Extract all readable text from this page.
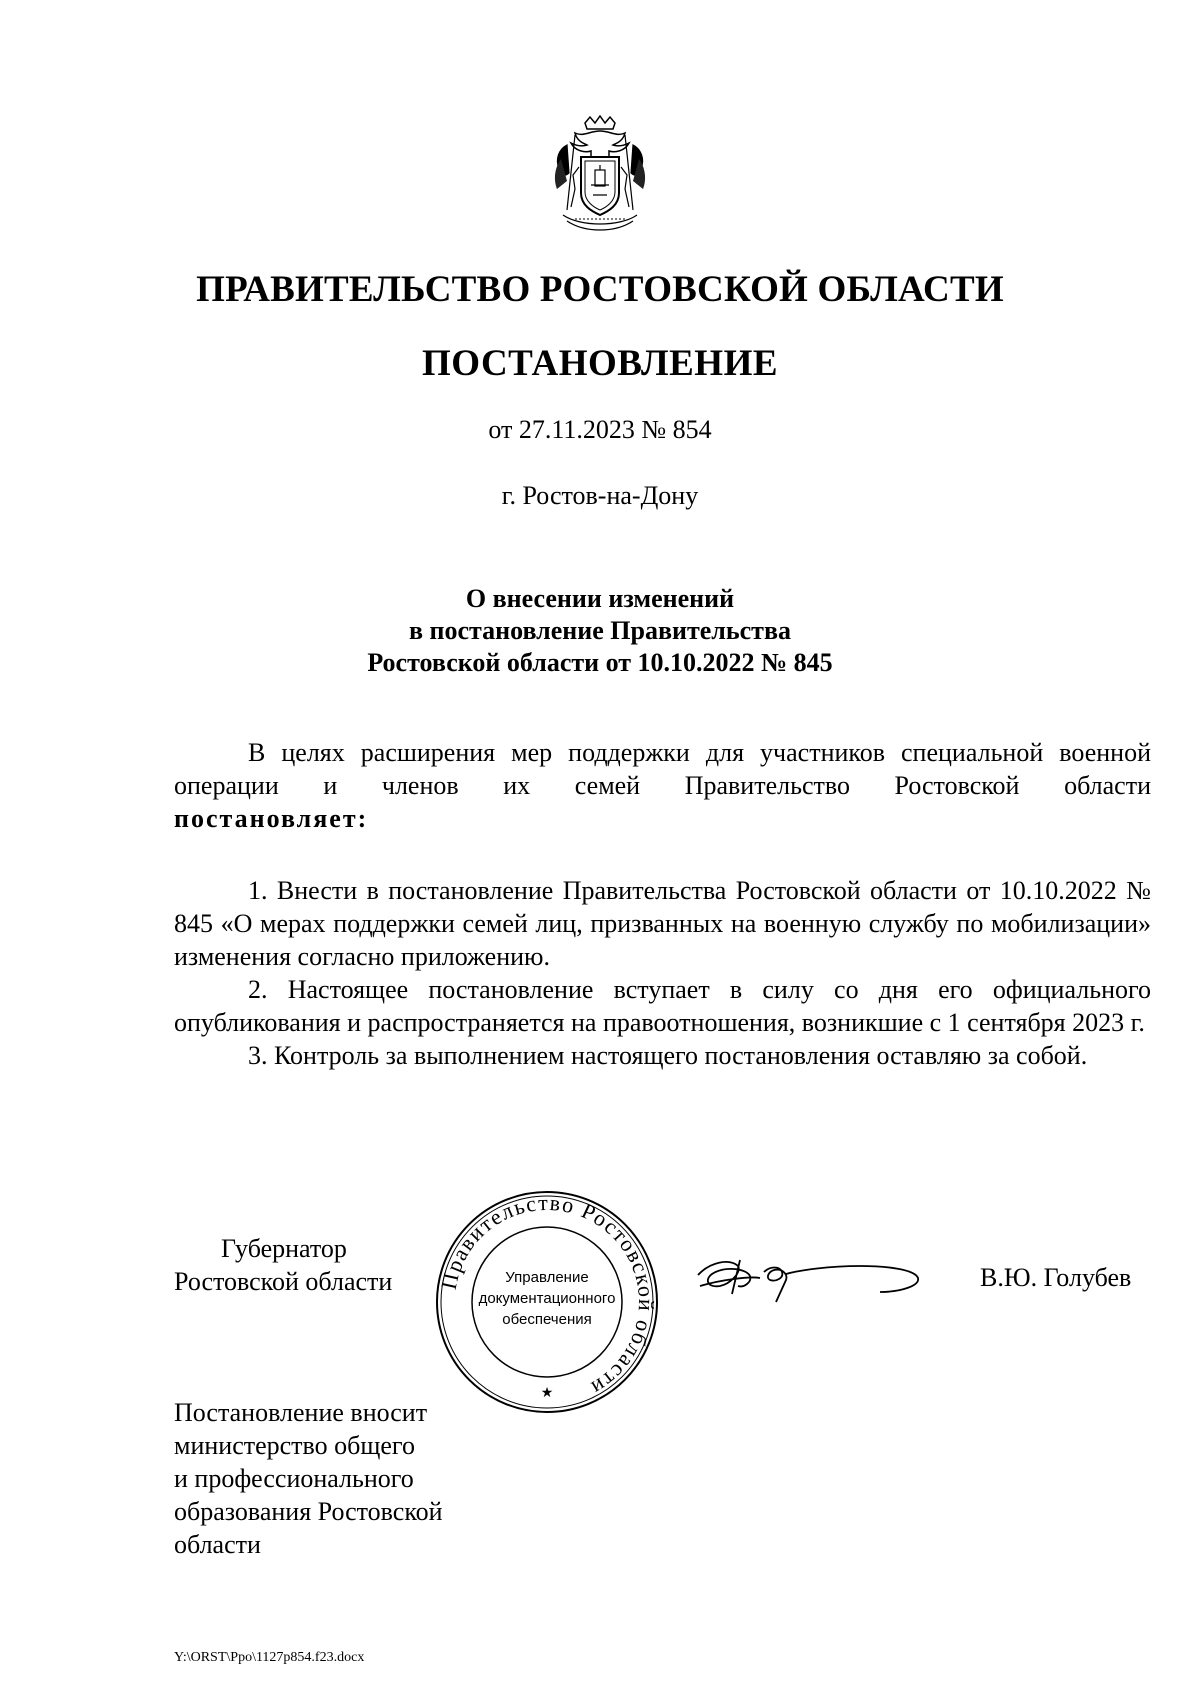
ПРАВИТЕЛЬСТВО РОСТОВСКОЙ ОБЛАСТИ
ПОСТАНОВЛЕНИЕ
от 27.11.2023 № 854
г. Ростов-на-Дону
О внесении изменений
в постановление Правительства
Ростовской области от 10.10.2022 № 845

В целях расширения мер поддержки для участников специальной военной операции и членов их семей Правительство Ростовской области

постановляет:

1. Внести в постановление Правительства Ростовской области от 10.10.2022 № 845 «О мерах поддержки семей лиц, призванных на военную службу по мобилизации» изменения согласно приложению.

2. Настоящее постановление вступает в силу со дня его официального опубликования и распространяется на правоотношения, возникшие с 1 сентября 2023 г.

3. Контроль за выполнением настоящего постановления оставляю за собой.

Губернатор
Ростовской области	Правительство Ростовской области
★
Управление
документационного
обеспечения
В.Ю. Голубев
Постановление вносит
министерство общего
и профессионального
образования Ростовской
области
Y:\ORST\Ppo\1127p854.f23.docx
